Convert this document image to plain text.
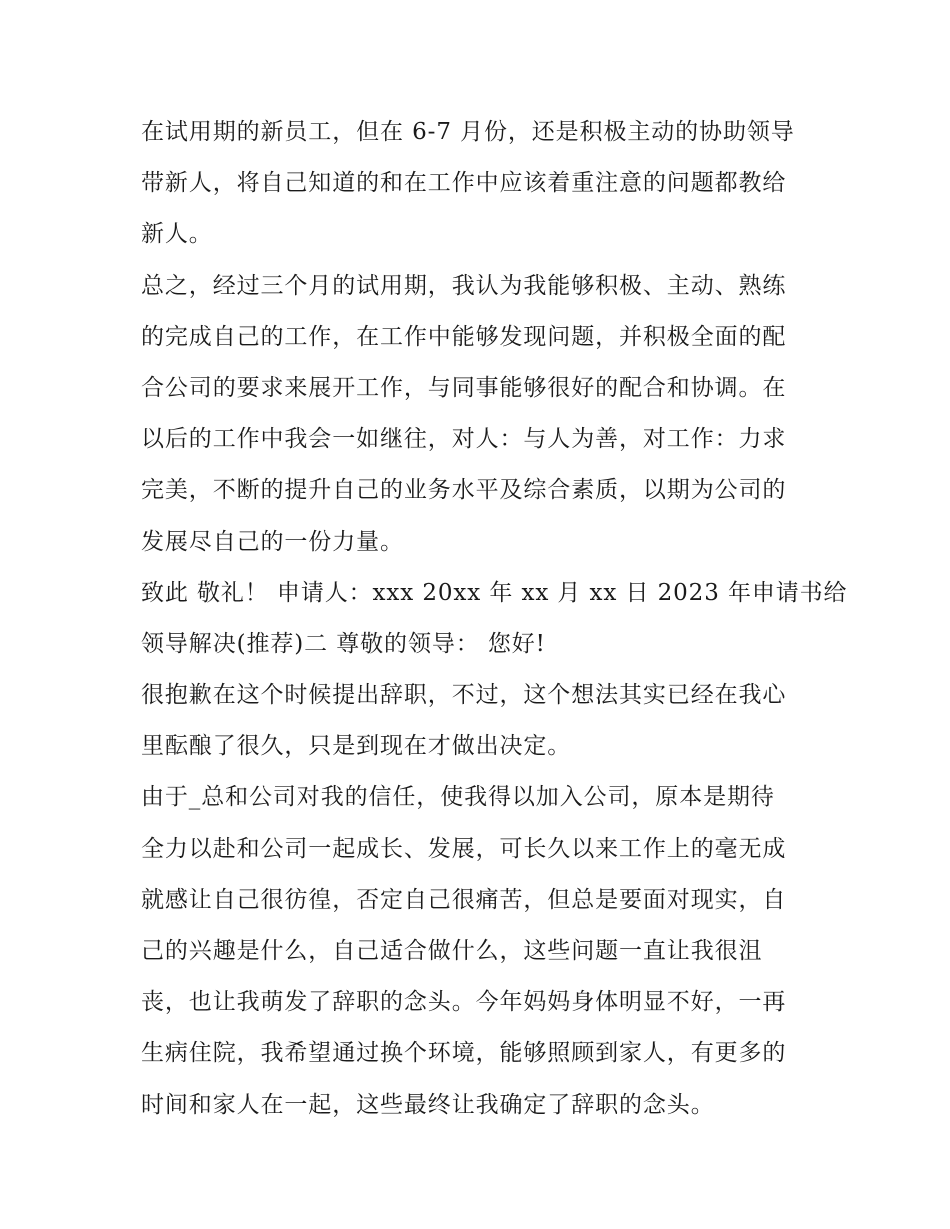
在试用期的新员工，但在 6-7 月份，还是积极主动的协助领导
带新人，将自己知道的和在工作中应该着重注意的问题都教给
新人。
总之，经过三个月的试用期，我认为我能够积极、主动、熟练
的完成自己的工作，在工作中能够发现问题，并积极全面的配
合公司的要求来展开工作，与同事能够很好的配合和协调。在
以后的工作中我会一如继往，对人：与人为善，对工作：力求
完美，不断的提升自己的业务水平及综合素质，以期为公司的
发展尽自己的一份力量。
致此 敬礼！ 申请人：xxx 20xx 年 xx 月 xx 日 2023 年申请书给
领导解决(推荐)二 尊敬的领导： 您好!
很抱歉在这个时候提出辞职，不过，这个想法其实已经在我心
里酝酿了很久，只是到现在才做出决定。
由于_总和公司对我的信任，使我得以加入公司，原本是期待
全力以赴和公司一起成长、发展，可长久以来工作上的毫无成
就感让自己很彷徨，否定自己很痛苦，但总是要面对现实，自
己的兴趣是什么，自己适合做什么，这些问题一直让我很沮
丧，也让我萌发了辞职的念头。今年妈妈身体明显不好，一再
生病住院，我希望通过换个环境，能够照顾到家人，有更多的
时间和家人在一起，这些最终让我确定了辞职的念头。
